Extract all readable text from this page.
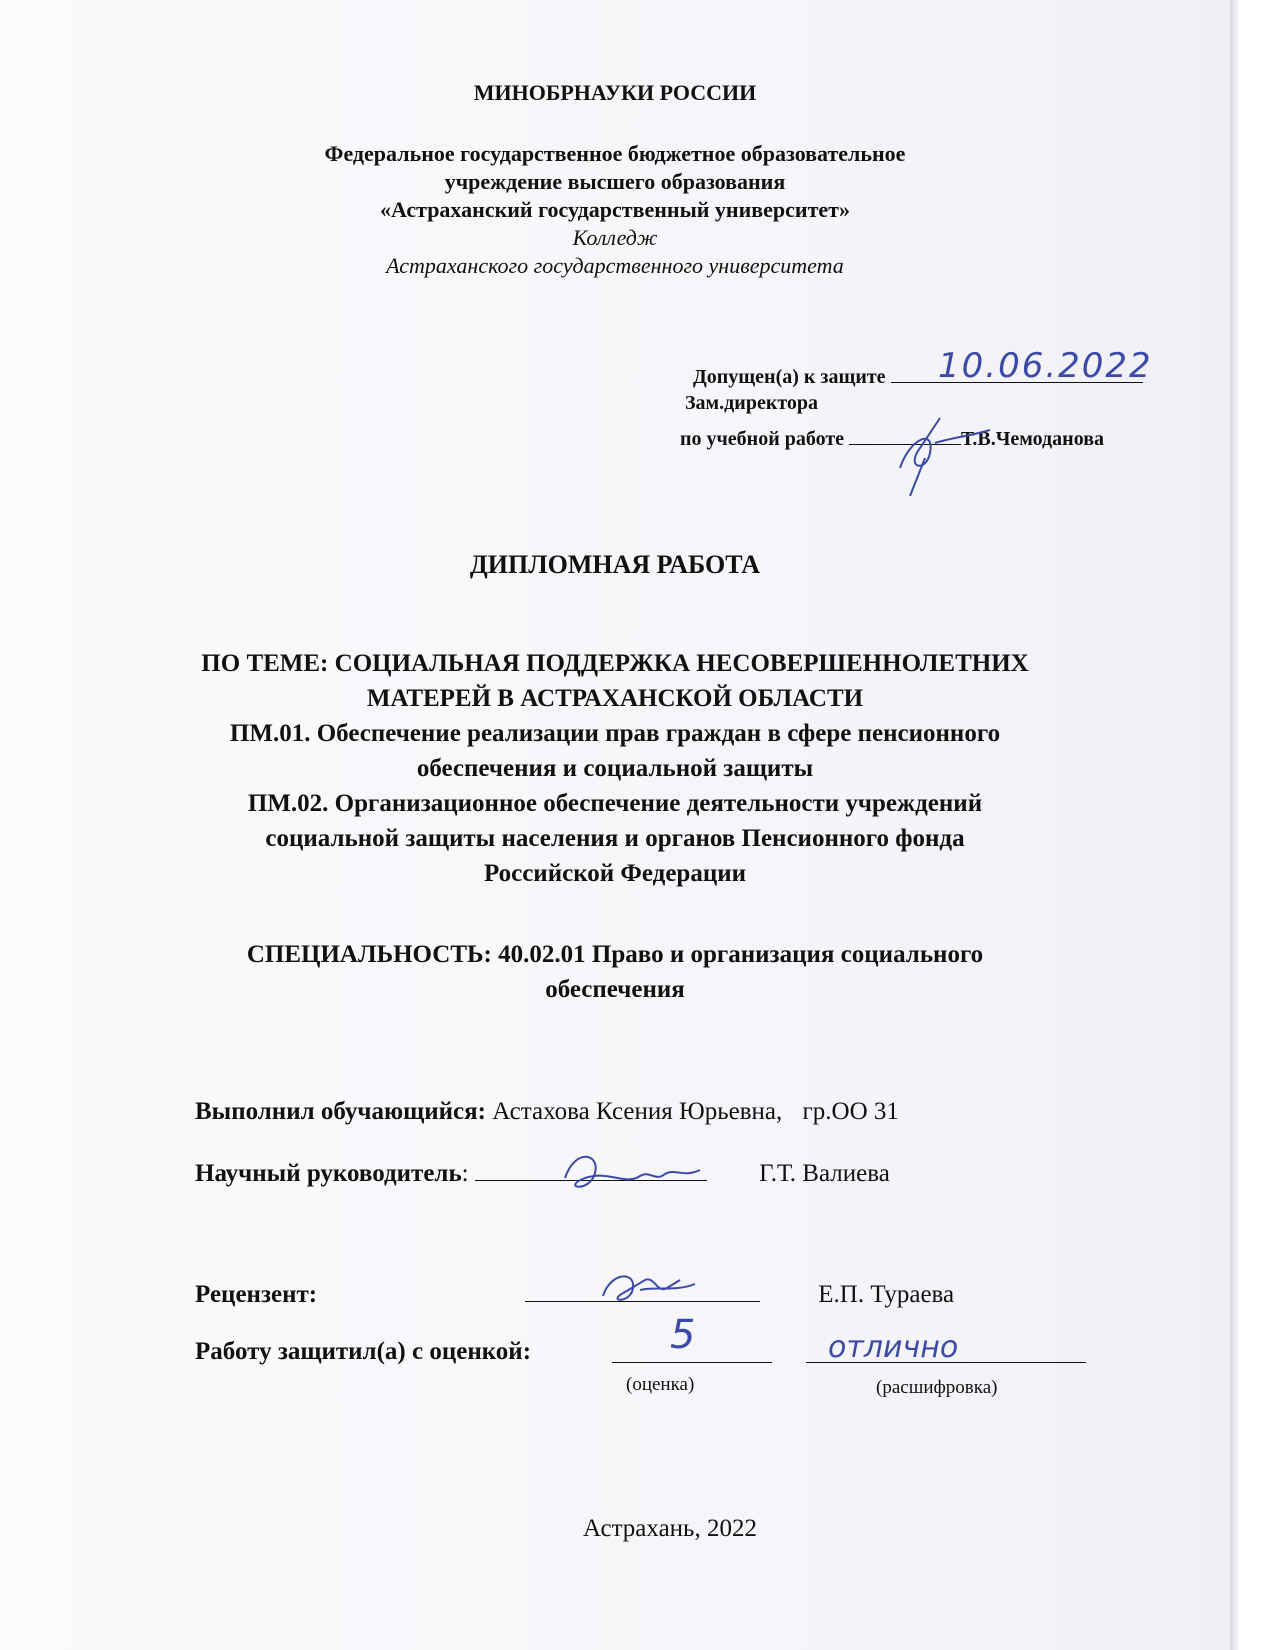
МИНОБРНАУКИ РОССИИ
Федеральное государственное бюджетное образовательное
учреждение высшего образования
«Астраханский государственный университет»
Колледж
Астраханского государственного университета
Допущен(а) к защите	10.06.2022
Зам.директора
по учебной работе	Т.В.Чемоданова
ДИПЛОМНАЯ РАБОТА
ПО ТЕМЕ: СОЦИАЛЬНАЯ ПОДДЕРЖКА НЕСОВЕРШЕННОЛЕТНИХ
МАТЕРЕЙ В АСТРАХАНСКОЙ ОБЛАСТИ
ПМ.01. Обеспечение реализации прав граждан в сфере пенсионного
обеспечения и социальной защиты
ПМ.02. Организационное обеспечение деятельности учреждений
социальной защиты населения и органов Пенсионного фонда
Российской Федерации
СПЕЦИАЛЬНОСТЬ: 40.02.01 Право и организация социального
обеспечения
Выполнил обучающийся: Астахова Ксения Юрьевна, гр.ОО 31
Научный руководитель:	Г.Т. Валиева
Рецензент:	Е.П. Тураева
Работу защитил(а) с оценкой:	5	отлично
(оценка)	(расшифровка)
Астрахань, 2022
